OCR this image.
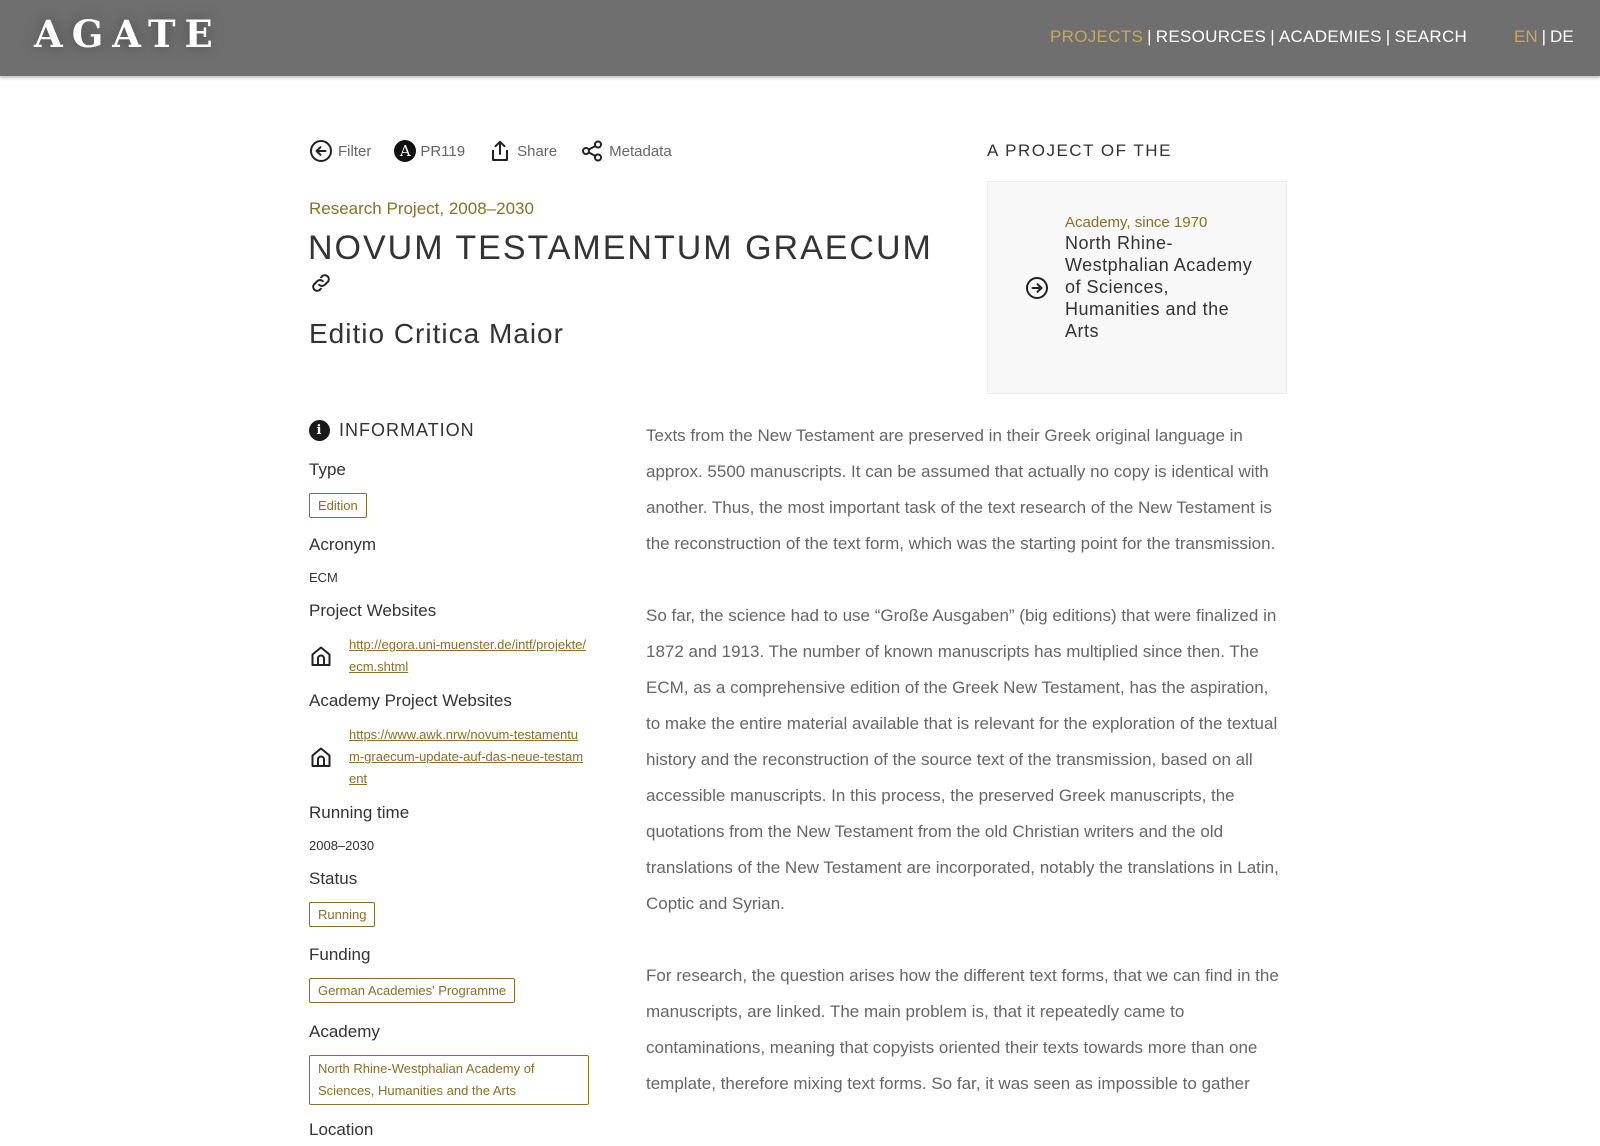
AGATE	PROJECTS | RESOURCES | ACADEMIES | SEARCH	EN | DE
Filter	A PR119	Share	Metadata
Research Project, 2008–2030
NOVUM TESTAMENTUM GRAECUM
Editio Critica Maior
A PROJECT OF THE
Academy, since 1970
North Rhine-Westphalian Academy of Sciences, Humanities and the Arts
i INFORMATION
Type
Edition
Acronym
ECM
Project Websites
http://egora.uni-muenster.de/intf/projekte/ecm.shtml
Academy Project Websites
https://www.awk.nrw/novum-testamentum-graecum-update-auf-das-neue-testament
Running time
2008–2030
Status
Running
Funding
German Academies' Programme
Academy
North Rhine-Westphalian Academy of Sciences, Humanities and the Arts
Location

Texts from the New Testament are preserved in their Greek original language in approx. 5500 manuscripts. It can be assumed that actually no copy is identical with another. Thus, the most important task of the text research of the New Testament is the reconstruction of the text form, which was the starting point for the transmission.

So far, the science had to use “Große Ausgaben” (big editions) that were finalized in 1872 and 1913. The number of known manuscripts has multiplied since then. The ECM, as a comprehensive edition of the Greek New Testament, has the aspiration, to make the entire material available that is relevant for the exploration of the textual history and the reconstruction of the source text of the transmission, based on all accessible manuscripts. In this process, the preserved Greek manuscripts, the quotations from the New Testament from the old Christian writers and the old translations of the New Testament are incorporated, notably the translations in Latin, Coptic and Syrian.

For research, the question arises how the different text forms, that we can find in the manuscripts, are linked. The main problem is, that it repeatedly came to contaminations, meaning that copyists oriented their texts towards more than one template, therefore mixing text forms. So far, it was seen as impossible to gather
